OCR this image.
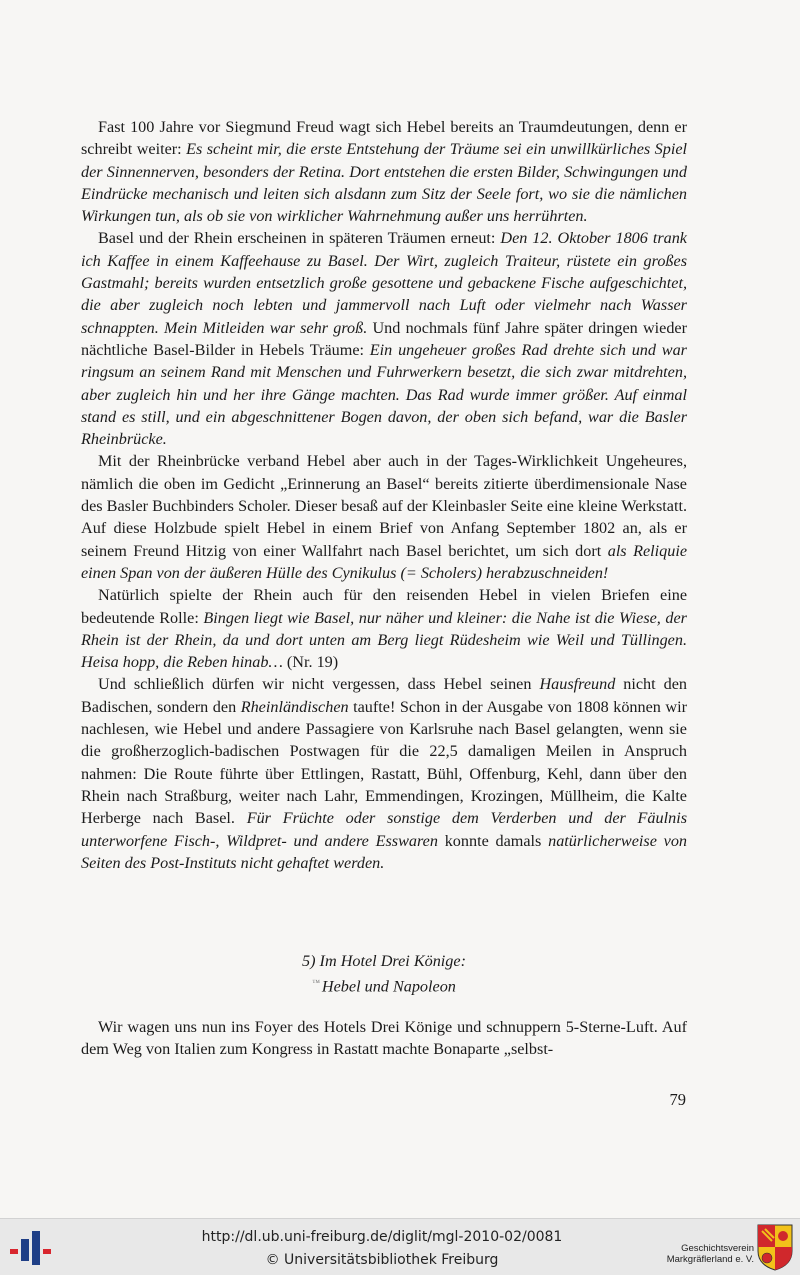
Fast 100 Jahre vor Siegmund Freud wagt sich Hebel bereits an Traumdeutungen, denn er schreibt weiter: Es scheint mir, die erste Entstehung der Träume sei ein unwillkürliches Spiel der Sinnennerven, besonders der Retina. Dort entstehen die ersten Bilder, Schwingungen und Eindrücke mechanisch und leiten sich alsdann zum Sitz der Seele fort, wo sie die nämlichen Wirkungen tun, als ob sie von wirklicher Wahrnehmung außer uns herrührten.

Basel und der Rhein erscheinen in späteren Träumen erneut: Den 12. Oktober 1806 trank ich Kaffee in einem Kaffeehause zu Basel. Der Wirt, zugleich Traiteur, rüstete ein großes Gastmahl; bereits wurden entsetzlich große gesottene und gebackene Fische aufgeschichtet, die aber zugleich noch lebten und jammervoll nach Luft oder vielmehr nach Wasser schnappten. Mein Mitleiden war sehr groß. Und nochmals fünf Jahre später dringen wieder nächtliche Basel-Bilder in Hebels Träume: Ein ungeheuer großes Rad drehte sich und war ringsum an seinem Rand mit Menschen und Fuhrwerkern besetzt, die sich zwar mitdrehten, aber zugleich hin und her ihre Gänge machten. Das Rad wurde immer größer. Auf einmal stand es still, und ein abgeschnittener Bogen davon, der oben sich befand, war die Basler Rheinbrücke.

Mit der Rheinbrücke verband Hebel aber auch in der Tages-Wirklichkeit Ungeheures, nämlich die oben im Gedicht „Erinnerung an Basel“ bereits zitierte überdimensionale Nase des Basler Buchbinders Scholer. Dieser besaß auf der Kleinbasler Seite eine kleine Werkstatt. Auf diese Holzbude spielt Hebel in einem Brief von Anfang September 1802 an, als er seinem Freund Hitzig von einer Wallfahrt nach Basel berichtet, um sich dort als Reliquie einen Span von der äußeren Hülle des Cynikulus (= Scholers) herabzuschneiden!

Natürlich spielte der Rhein auch für den reisenden Hebel in vielen Briefen eine bedeutende Rolle: Bingen liegt wie Basel, nur näher und kleiner: die Nahe ist die Wiese, der Rhein ist der Rhein, da und dort unten am Berg liegt Rüdesheim wie Weil und Tüllingen. Heisa hopp, die Reben hinab… (Nr. 19)

Und schließlich dürfen wir nicht vergessen, dass Hebel seinen Hausfreund nicht den Badischen, sondern den Rheinländischen taufte! Schon in der Ausgabe von 1808 können wir nachlesen, wie Hebel und andere Passagiere von Karlsruhe nach Basel gelangten, wenn sie die großherzoglich-badischen Postwagen für die 22,5 damaligen Meilen in Anspruch nahmen: Die Route führte über Ettlingen, Rastatt, Bühl, Offenburg, Kehl, dann über den Rhein nach Straßburg, weiter nach Lahr, Emmendingen, Krozingen, Müllheim, die Kalte Herberge nach Basel. Für Früchte oder sonstige dem Verderben und der Fäulnis unterworfene Fisch-, Wildpret- und andere Esswaren konnte damals natürlicherweise von Seiten des Post-Instituts nicht gehaftet werden.

5) Im Hotel Drei Könige:
™ Hebel und Napoleon

Wir wagen uns nun ins Foyer des Hotels Drei Könige und schnuppern 5-Sterne-Luft. Auf dem Weg von Italien zum Kongress in Rastatt machte Bonaparte „selbst-

79
http://dl.ub.uni-freiburg.de/diglit/mgl-2010-02/0081
© Universitätsbibliothek Freiburg
Geschichtsverein
Markgräflerland e. V.
